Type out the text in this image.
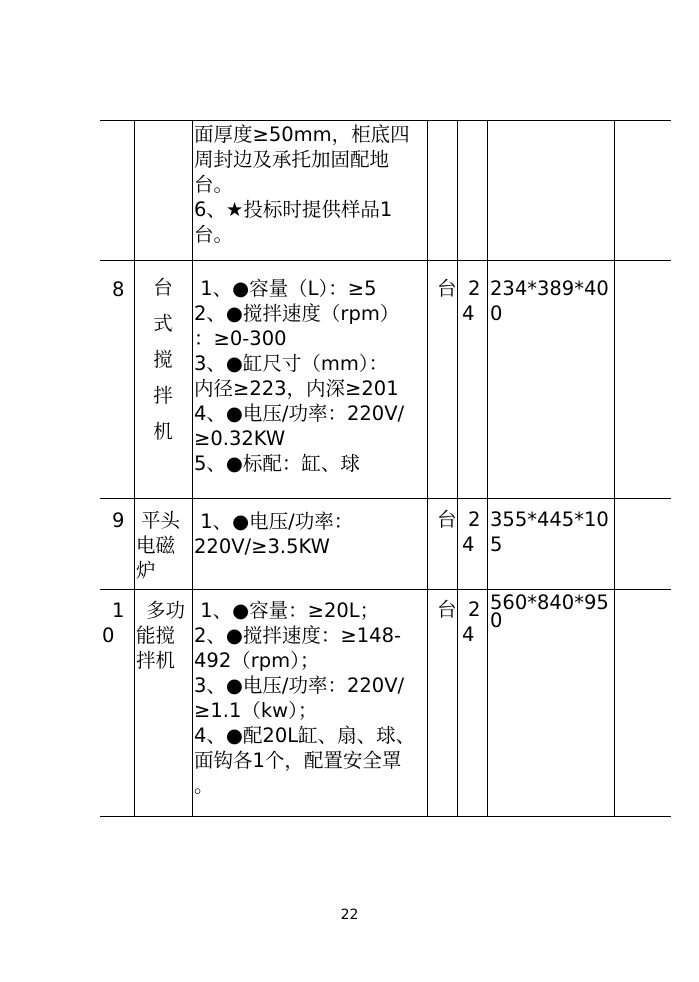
面厚度≥50mm，柜底四
周封边及承托加固配地
台。
6、★投标时提供样品1
台。
8 台
式
搅
拌
机
1、●容量（L）：≥5
2、●搅拌速度（rpm）
：≥0-300
3、●缸尺寸（mm）：
内径≥223，内深≥201
4、●电压/功率：220V/
≥0.32KW
5、●标配：缸、球
台 2
4
234*389*40
0
9 平头
电磁
炉
1、●电压/功率：
220V/≥3.5KW
台 2
4
355*445*10
5
1
0
多功
能搅
拌机
1、●容量：≥20L；
2、●搅拌速度：≥148-
492（rpm）；
3、●电压/功率：220V/
≥1.1（kw）；
4、●配20L缸、扇、球、
面钩各1个，配置安全罩
。
台 2
4
560*840*95
0
22
